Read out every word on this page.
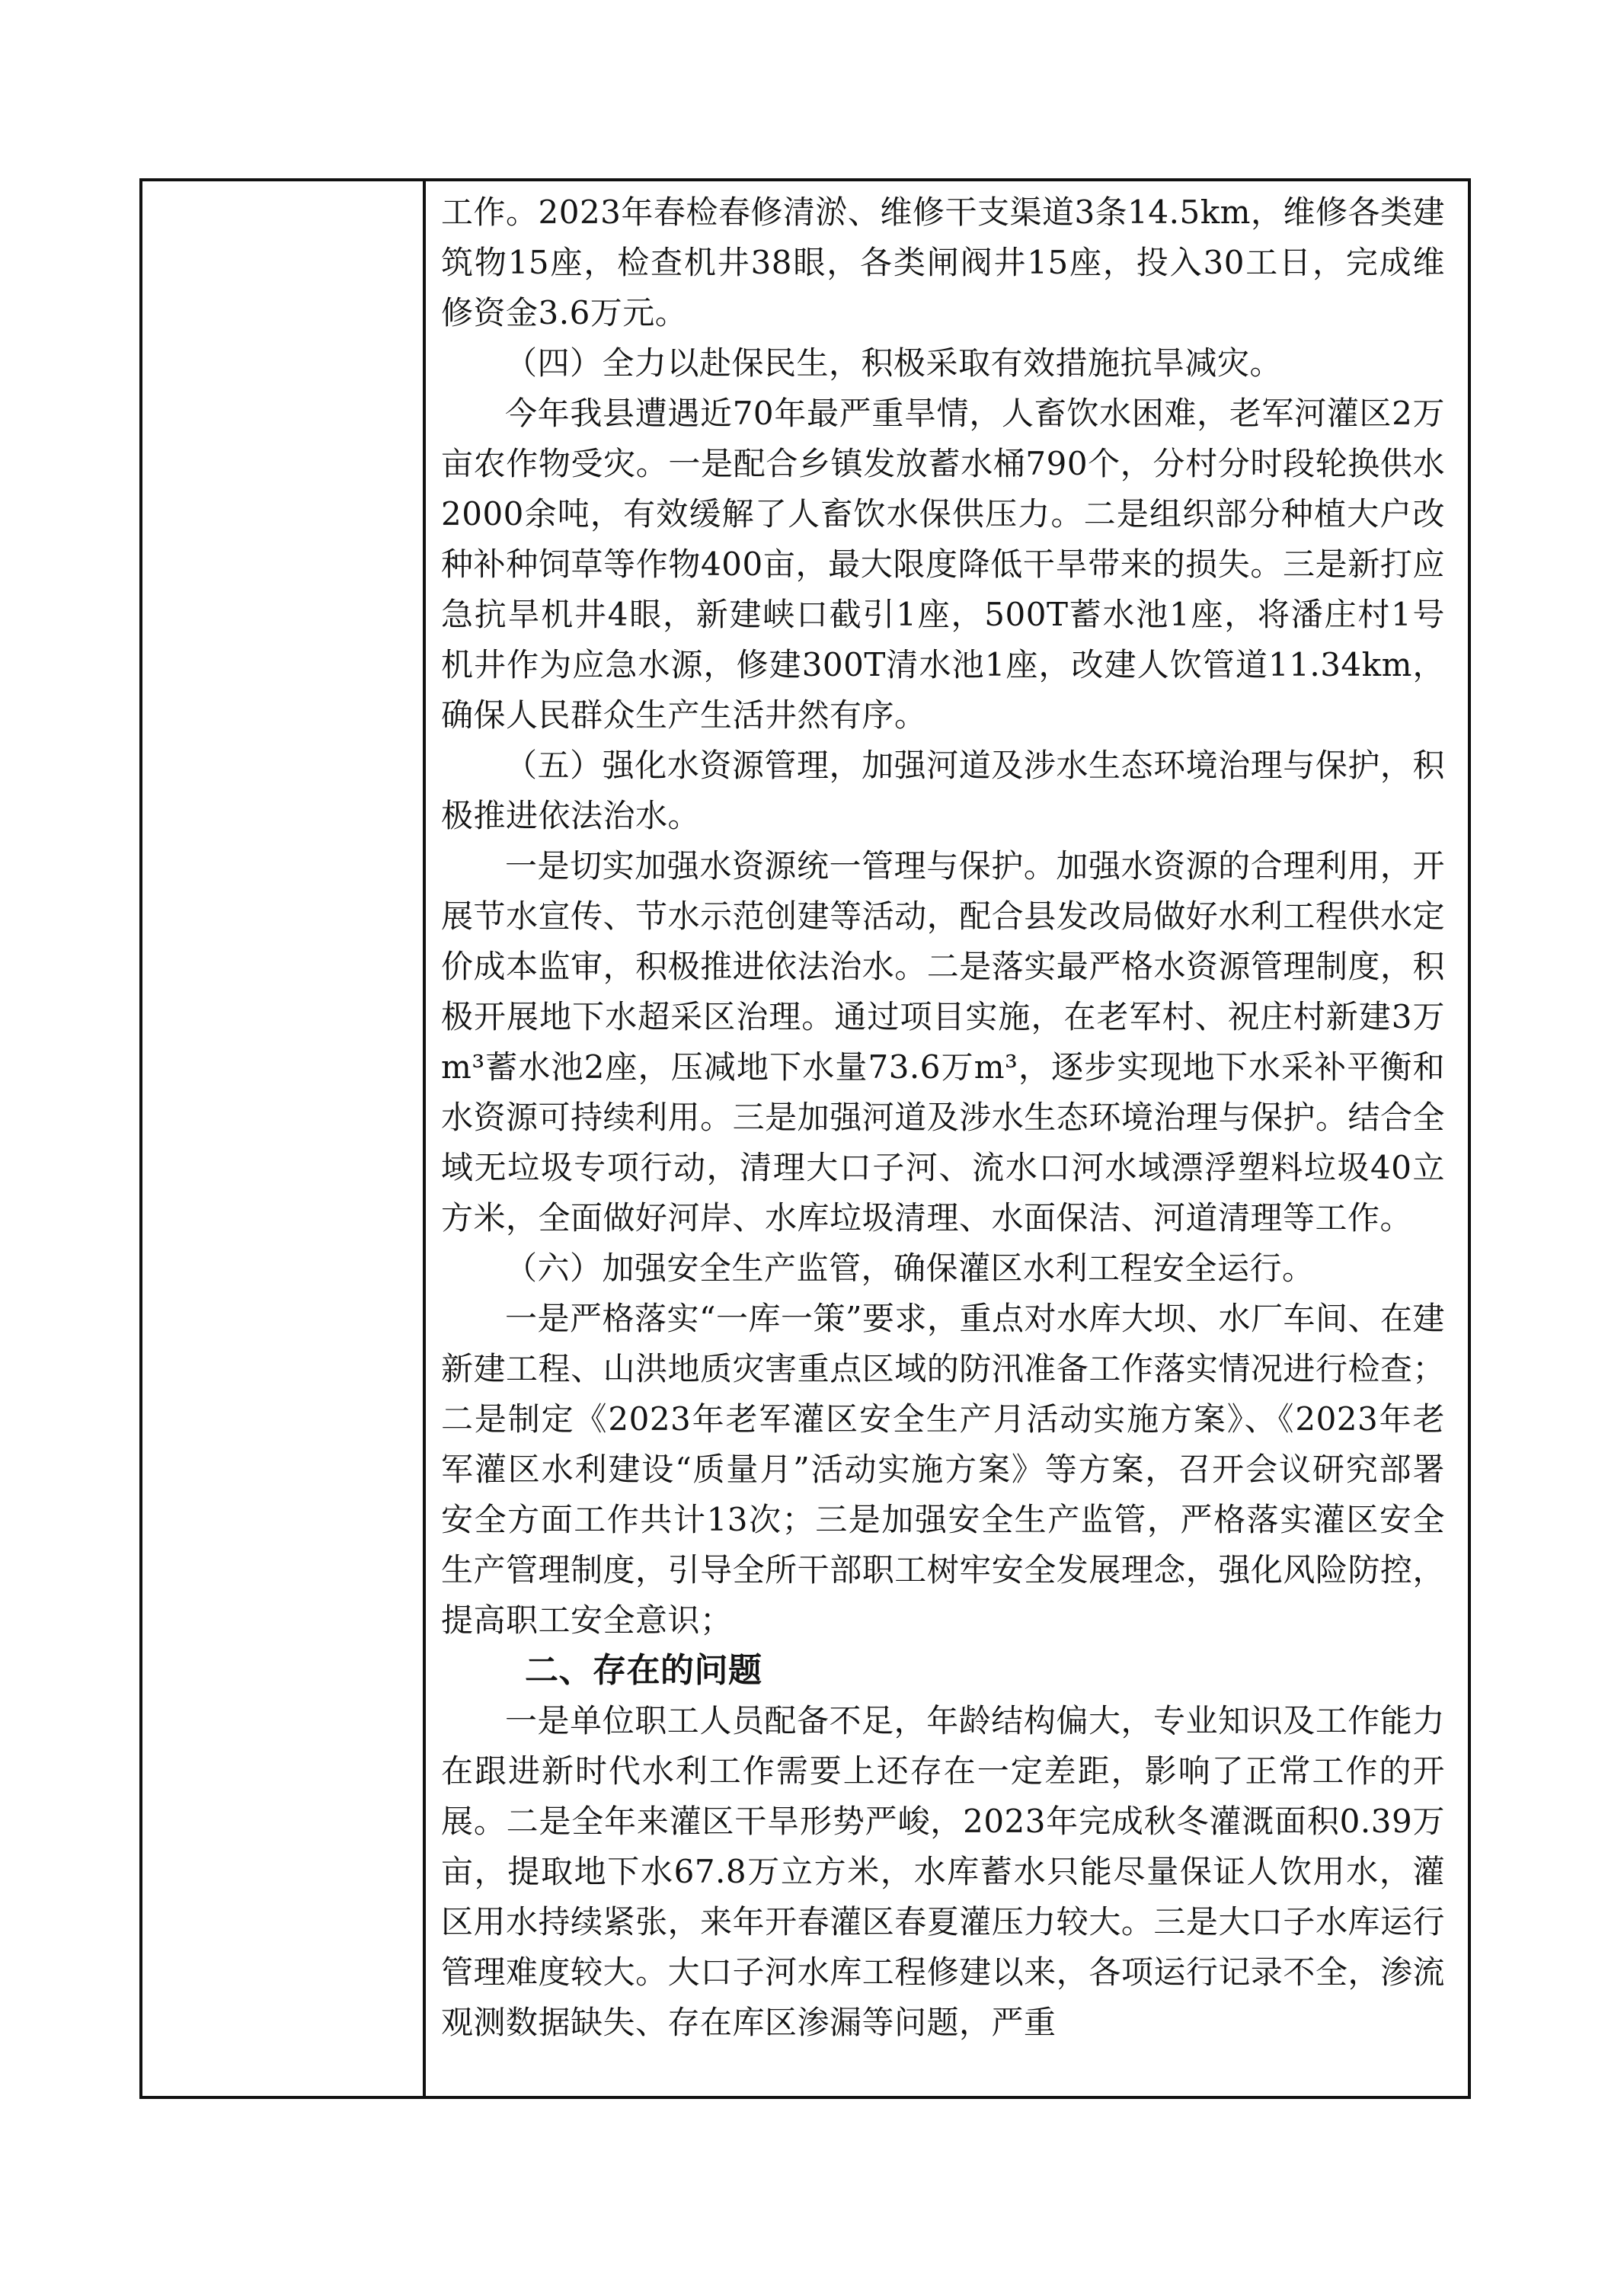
工作。2023年春检春修清淤、维修干支渠道3条14.5km，维修各类建筑物15座，检查机井38眼，各类闸阀井15座，投入30工日，完成维修资金3.6万元。

（四）全力以赴保民生，积极采取有效措施抗旱减灾。

今年我县遭遇近70年最严重旱情，人畜饮水困难，老军河灌区2万亩农作物受灾。一是配合乡镇发放蓄水桶790个，分村分时段轮换供水2000余吨，有效缓解了人畜饮水保供压力。二是组织部分种植大户改种补种饲草等作物400亩，最大限度降低干旱带来的损失。三是新打应急抗旱机井4眼，新建峡口截引1座，500T蓄水池1座，将潘庄村1号机井作为应急水源，修建300T清水池1座，改建人饮管道11.34km，确保人民群众生产生活井然有序。

（五）强化水资源管理，加强河道及涉水生态环境治理与保护，积极推进依法治水。

一是切实加强水资源统一管理与保护。加强水资源的合理利用，开展节水宣传、节水示范创建等活动，配合县发改局做好水利工程供水定价成本监审，积极推进依法治水。二是落实最严格水资源管理制度，积极开展地下水超采区治理。通过项目实施，在老军村、祝庄村新建3万m³蓄水池2座，压减地下水量73.6万m³，逐步实现地下水采补平衡和水资源可持续利用。三是加强河道及涉水生态环境治理与保护。结合全域无垃圾专项行动，清理大口子河、流水口河水域漂浮塑料垃圾40立方米，全面做好河岸、水库垃圾清理、水面保洁、河道清理等工作。

（六）加强安全生产监管，确保灌区水利工程安全运行。

一是严格落实“一库一策”要求，重点对水库大坝、水厂车间、在建新建工程、山洪地质灾害重点区域的防汛准备工作落实情况进行检查；二是制定《2023年老军灌区安全生产月活动实施方案》、《2023年老军灌区水利建设“质量月”活动实施方案》等方案，召开会议研究部署安全方面工作共计13次；三是加强安全生产监管，严格落实灌区安全生产管理制度，引导全所干部职工树牢安全发展理念，强化风险防控，提高职工安全意识；

二、存在的问题

一是单位职工人员配备不足，年龄结构偏大，专业知识及工作能力在跟进新时代水利工作需要上还存在一定差距，影响了正常工作的开展。二是全年来灌区干旱形势严峻，2023年完成秋冬灌溉面积0.39万亩，提取地下水67.8万立方米，水库蓄水只能尽量保证人饮用水，灌区用水持续紧张，来年开春灌区春夏灌压力较大。三是大口子水库运行管理难度较大。大口子河水库工程修建以来，各项运行记录不全，渗流观测数据缺失、存在库区渗漏等问题，严重
